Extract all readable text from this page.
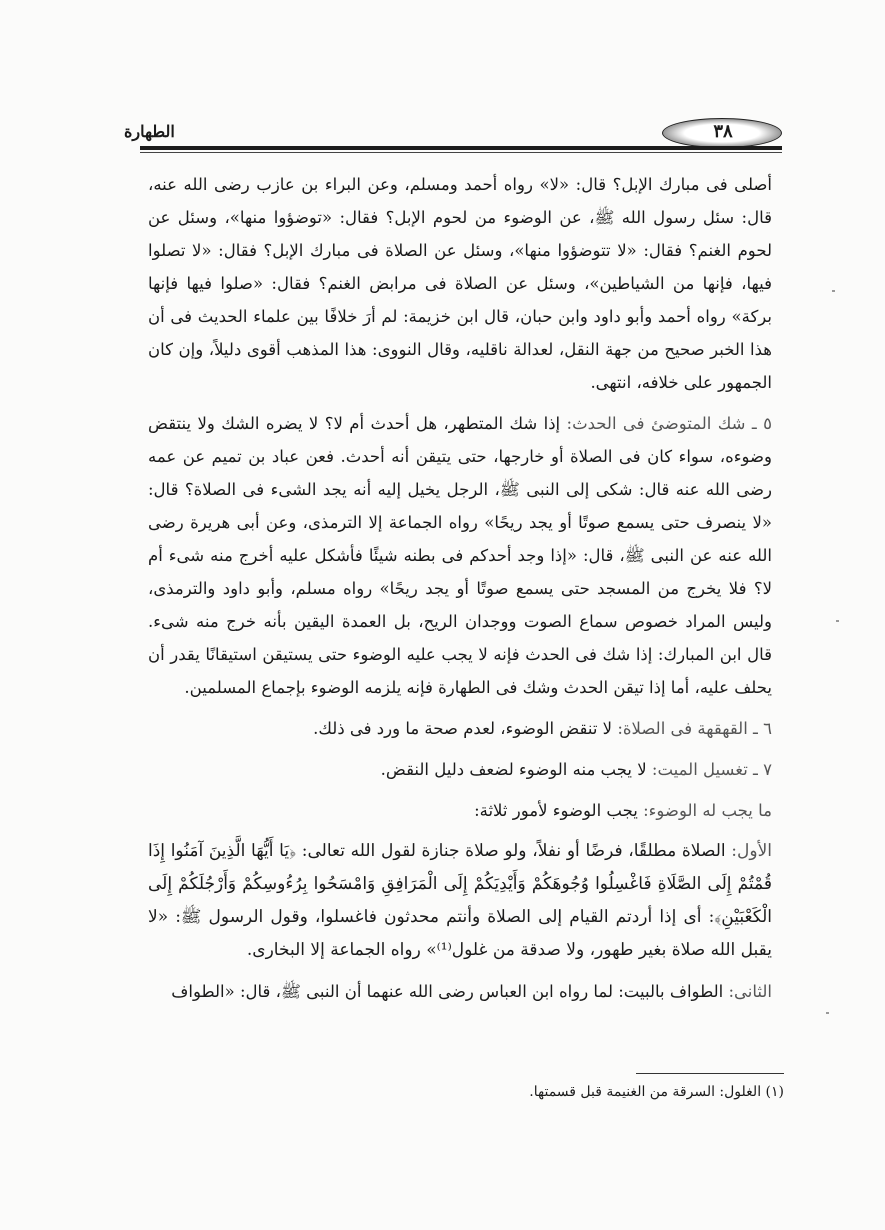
الطهارة	٣٨

أصلى فى مبارك الإبل؟ قال: «لا» رواه أحمد ومسلم، وعن البراء بن عازب رضى الله عنه، قال: سئل رسول الله ﷺ، عن الوضوء من لحوم الإبل؟ فقال: «توضؤوا منها»، وسئل عن لحوم الغنم؟ فقال: «لا تتوضؤوا منها»، وسئل عن الصلاة فى مبارك الإبل؟ فقال: «لا تصلوا فيها، فإنها من الشياطين»، وسئل عن الصلاة فى مرابض الغنم؟ فقال: «صلوا فيها فإنها بركة» رواه أحمد وأبو داود وابن حبان، قال ابن خزيمة: لم أرَ خلافًا بين علماء الحديث فى أن هذا الخبر صحيح من جهة النقل، لعدالة ناقليه، وقال النووى: هذا المذهب أقوى دليلاً، وإن كان الجمهور على خلافه، انتهى.

٥ ـ شك المتوضئ فى الحدث: إذا شك المتطهر، هل أحدث أم لا؟ لا يضره الشك ولا ينتقض وضوءه، سواء كان فى الصلاة أو خارجها، حتى يتيقن أنه أحدث. فعن عباد بن تميم عن عمه رضى الله عنه قال: شكى إلى النبى ﷺ، الرجل يخيل إليه أنه يجد الشىء فى الصلاة؟ قال: «لا ينصرف حتى يسمع صوتًا أو يجد ريحًا» رواه الجماعة إلا الترمذى، وعن أبى هريرة رضى الله عنه عن النبى ﷺ، قال: «إذا وجد أحدكم فى بطنه شيئًا فأشكل عليه أخرج منه شىء أم لا؟ فلا يخرج من المسجد حتى يسمع صوتًا أو يجد ريحًا» رواه مسلم، وأبو داود والترمذى، وليس المراد خصوص سماع الصوت ووجدان الريح، بل العمدة اليقين بأنه خرج منه شىء. قال ابن المبارك: إذا شك فى الحدث فإنه لا يجب عليه الوضوء حتى يستيقن استيقانًا يقدر أن يحلف عليه، أما إذا تيقن الحدث وشك فى الطهارة فإنه يلزمه الوضوء بإجماع المسلمين.

٦ ـ القهقهة فى الصلاة: لا تنقض الوضوء، لعدم صحة ما ورد فى ذلك.

٧ ـ تغسيل الميت: لا يجب منه الوضوء لضعف دليل النقض.

ما يجب له الوضوء: يجب الوضوء لأمور ثلاثة:

الأول: الصلاة مطلقًا، فرضًا أو نفلاً، ولو صلاة جنازة لقول الله تعالى: ﴿يَا أَيُّهَا الَّذِينَ آمَنُوا إِذَا قُمْتُمْ إِلَى الصَّلَاةِ فَاغْسِلُوا وُجُوهَكُمْ وَأَيْدِيَكُمْ إِلَى الْمَرَافِقِ وَامْسَحُوا بِرُءُوسِكُمْ وَأَرْجُلَكُمْ إِلَى الْكَعْبَيْنِ﴾: أى إذا أردتم القيام إلى الصلاة وأنتم محدثون فاغسلوا، وقول الرسول ﷺ: «لا يقبل الله صلاة بغير طهور، ولا صدقة من غلول⁽¹⁾» رواه الجماعة إلا البخارى.

الثانى: الطواف بالبيت: لما رواه ابن العباس رضى الله عنهما أن النبى ﷺ، قال: «الطواف

(١) الغلول: السرقة من الغنيمة قبل قسمتها.
